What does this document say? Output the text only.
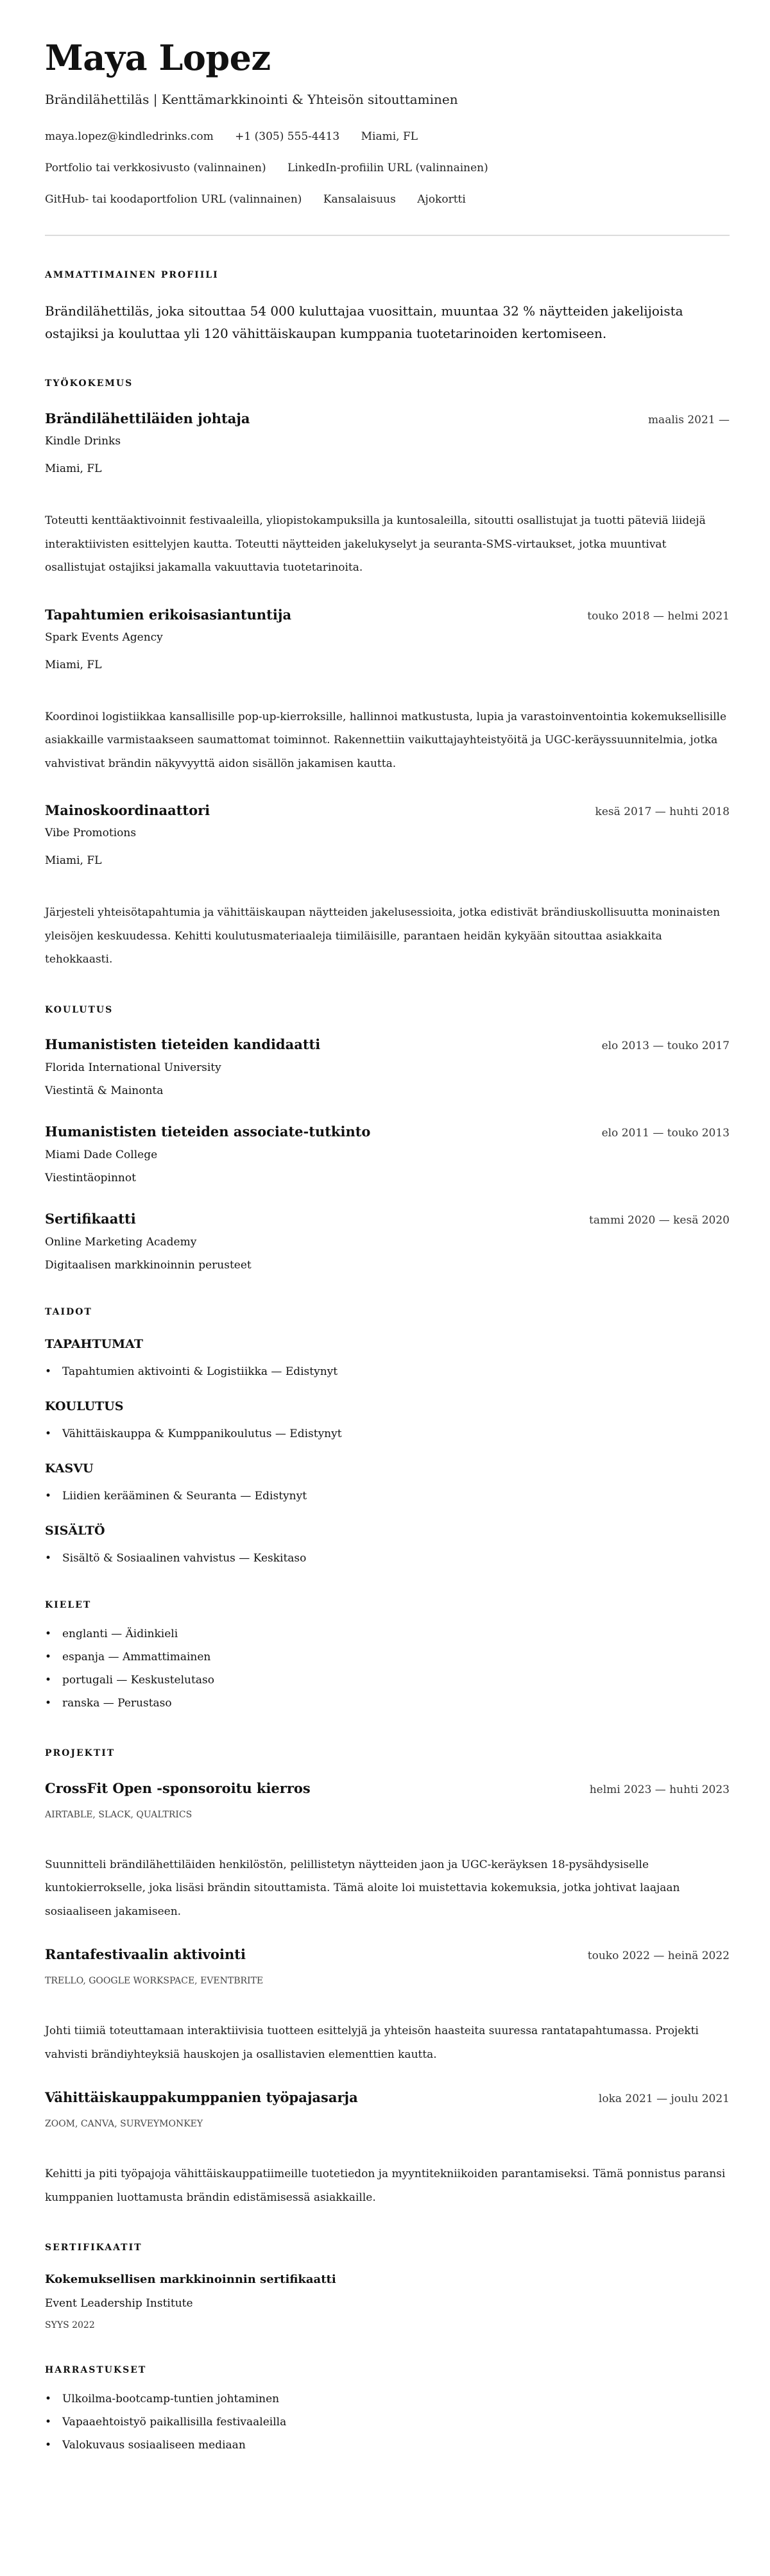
Maya Lopez
Brändilähettiläs | Kenttämarkkinointi & Yhteisön sitouttaminen
maya.lopez@kindledrinks.com +1 (305) 555-4413 Miami, FL
Portfolio tai verkkosivusto (valinnainen) LinkedIn-profiilin URL (valinnainen)
GitHub- tai koodaportfolion URL (valinnainen) Kansalaisuus Ajokortti
AMMATTIMAINEN PROFIILI

Brändilähettiläs, joka sitouttaa 54 000 kuluttajaa vuosittain, muuntaa 32 % näytteiden jakelijoista ostajiksi ja kouluttaa yli 120 vähittäiskaupan kumppania tuotetarinoiden kertomiseen.

TYÖKOKEMUS
Brändilähettiläiden johtaja	maalis 2021 —
Kindle Drinks
Miami, FL
Toteutti kenttäaktivoinnit festivaaleilla, yliopistokampuksilla ja kuntosaleilla, sitoutti osallistujat ja tuotti päteviä liidejä interaktiivisten esittelyjen kautta. Toteutti näytteiden jakelukyselyt ja seuranta-SMS-virtaukset, jotka muuntivat osallistujat ostajiksi jakamalla vakuuttavia tuotetarinoita.
Tapahtumien erikoisasiantuntija	touko 2018 — helmi 2021
Spark Events Agency
Miami, FL
Koordinoi logistiikkaa kansallisille pop-up-kierroksille, hallinnoi matkustusta, lupia ja varastoinventointia kokemuksellisille asiakkaille varmistaakseen saumattomat toiminnot. Rakennettiin vaikuttajayhteistyöitä ja UGC-keräyssuunnitelmia, jotka vahvistivat brändin näkyvyyttä aidon sisällön jakamisen kautta.
Mainoskoordinaattori	kesä 2017 — huhti 2018
Vibe Promotions
Miami, FL
Järjesteli yhteisötapahtumia ja vähittäiskaupan näytteiden jakelusessioita, jotka edistivät brändiuskollisuutta moninaisten yleisöjen keskuudessa. Kehitti koulutusmateriaaleja tiimiläisille, parantaen heidän kykyään sitouttaa asiakkaita tehokkaasti.
KOULUTUS
Humanististen tieteiden kandidaatti	elo 2013 — touko 2017
Florida International University
Viestintä & Mainonta
Humanististen tieteiden associate-tutkinto	elo 2011 — touko 2013
Miami Dade College
Viestintäopinnot
Sertifikaatti	tammi 2020 — kesä 2020
Online Marketing Academy
Digitaalisen markkinoinnin perusteet
TAIDOT
TAPAHTUMAT
• Tapahtumien aktivointi & Logistiikka — Edistynyt
KOULUTUS
• Vähittäiskauppa & Kumppanikoulutus — Edistynyt
KASVU
• Liidien kerääminen & Seuranta — Edistynyt
SISÄLTÖ
• Sisältö & Sosiaalinen vahvistus — Keskitaso
KIELET
• englanti — Äidinkieli
• espanja — Ammattimainen
• portugali — Keskustelutaso
• ranska — Perustaso
PROJEKTIT
CrossFit Open -sponsoroitu kierros	helmi 2023 — huhti 2023
AIRTABLE, SLACK, QUALTRICS
Suunnitteli brändilähettiläiden henkilöstön, pelillistetyn näytteiden jaon ja UGC-keräyksen 18-pysähdysiselle kuntokierrokselle, joka lisäsi brändin sitouttamista. Tämä aloite loi muistettavia kokemuksia, jotka johtivat laajaan sosiaaliseen jakamiseen.
Rantafestivaalin aktivointi	touko 2022 — heinä 2022
TRELLO, GOOGLE WORKSPACE, EVENTBRITE
Johti tiimiä toteuttamaan interaktiivisia tuotteen esittelyjä ja yhteisön haasteita suuressa rantatapahtumassa. Projekti vahvisti brändiyhteyksiä hauskojen ja osallistavien elementtien kautta.
Vähittäiskauppakumppanien työpajasarja	loka 2021 — joulu 2021
ZOOM, CANVA, SURVEYMONKEY
Kehitti ja piti työpajoja vähittäiskauppatiimeille tuotetiedon ja myyntitekniikoiden parantamiseksi. Tämä ponnistus paransi kumppanien luottamusta brändin edistämisessä asiakkaille.
SERTIFIKAATIT
Kokemuksellisen markkinoinnin sertifikaatti
Event Leadership Institute
SYYS 2022
HARRASTUKSET
• Ulkoilma-bootcamp-tuntien johtaminen
• Vapaaehtoistyö paikallisilla festivaaleilla
• Valokuvaus sosiaaliseen mediaan
